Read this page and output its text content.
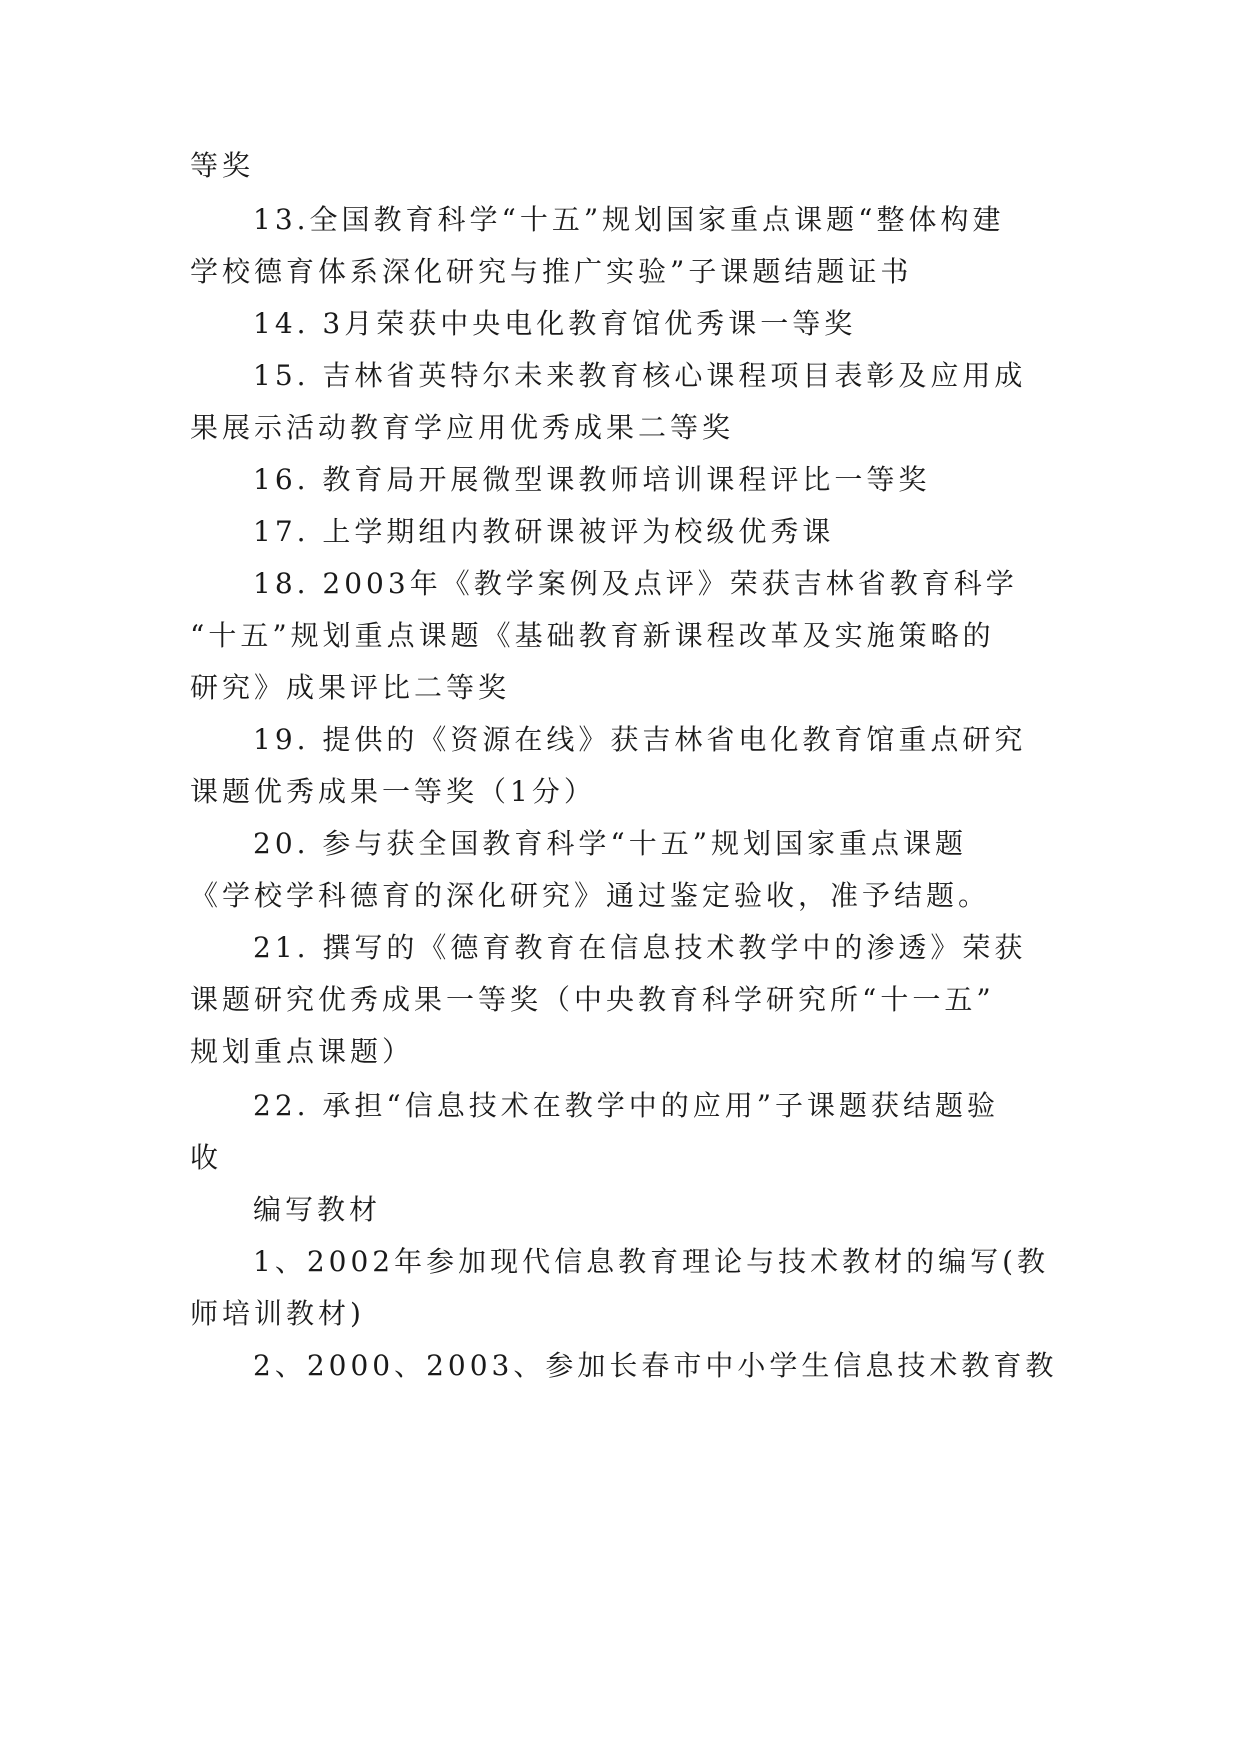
等奖
13.全国教育科学“十五”规划国家重点课题“整体构建
学校德育体系深化研究与推广实验”子课题结题证书
14. 3月荣获中央电化教育馆优秀课一等奖
15. 吉林省英特尔未来教育核心课程项目表彰及应用成
果展示活动教育学应用优秀成果二等奖
16. 教育局开展微型课教师培训课程评比一等奖
17. 上学期组内教研课被评为校级优秀课
18. 2003年《教学案例及点评》荣获吉林省教育科学
“十五”规划重点课题《基础教育新课程改革及实施策略的
研究》成果评比二等奖
19. 提供的《资源在线》获吉林省电化教育馆重点研究
课题优秀成果一等奖（1分）
20. 参与获全国教育科学“十五”规划国家重点课题
《学校学科德育的深化研究》通过鉴定验收，准予结题。
21. 撰写的《德育教育在信息技术教学中的渗透》荣获
课题研究优秀成果一等奖（中央教育科学研究所“十一五”
规划重点课题）
22. 承担“信息技术在教学中的应用”子课题获结题验
收
编写教材
1、2002年参加现代信息教育理论与技术教材的编写(教
师培训教材)
2、2000、2003、参加长春市中小学生信息技术教育教
